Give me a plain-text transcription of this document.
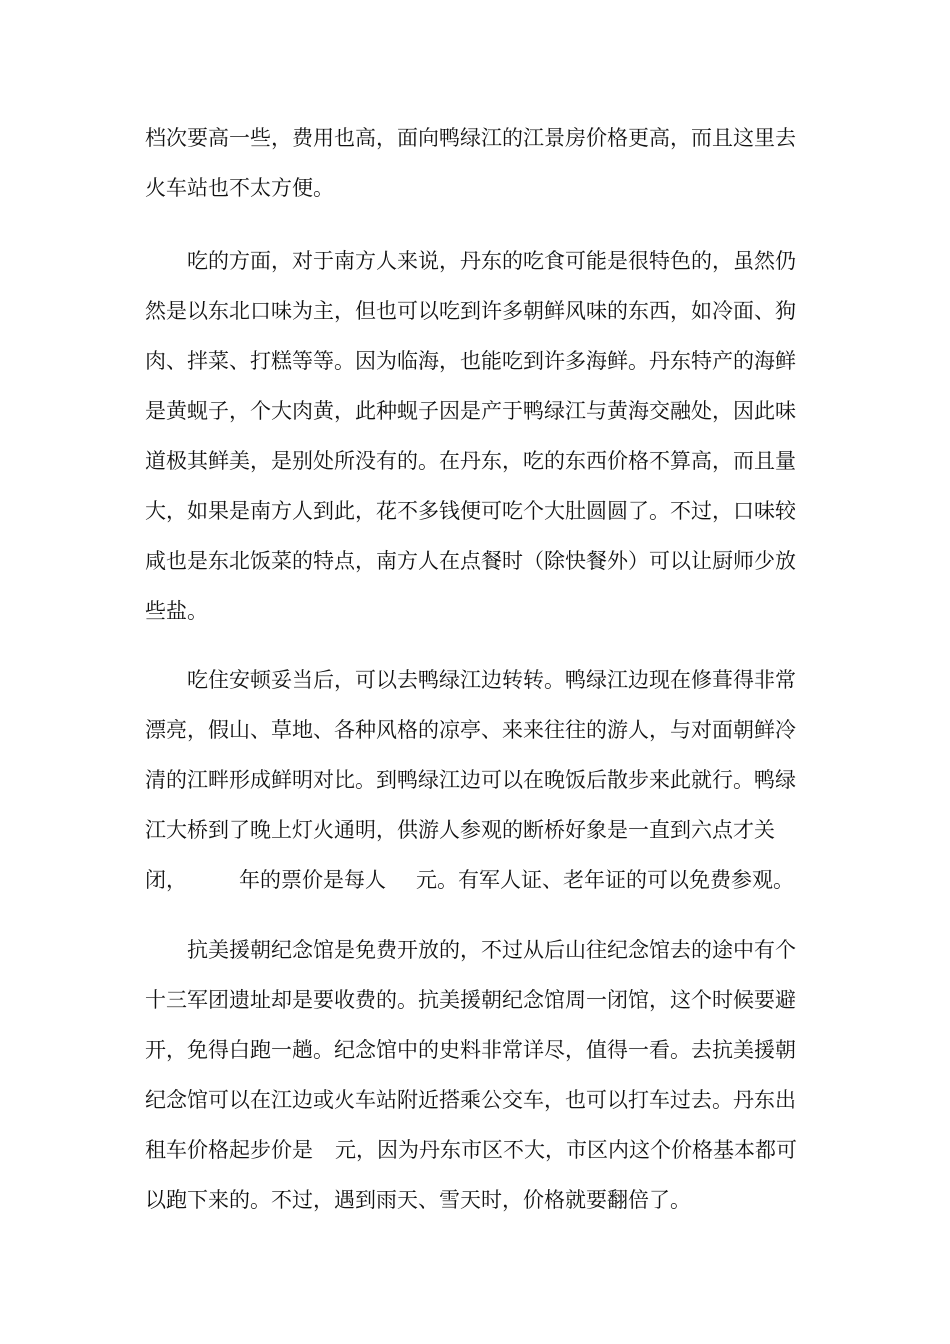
档次要高一些，费用也高，面向鸭绿江的江景房价格更高，而且这里去

火车站也不太方便。

吃的方面，对于南方人来说，丹东的吃食可能是很特色的，虽然仍

然是以东北口味为主，但也可以吃到许多朝鲜风味的东西，如冷面、狗

肉、拌菜、打糕等等。因为临海，也能吃到许多海鲜。丹东特产的海鲜

是黄蚬子，个大肉黄，此种蚬子因是产于鸭绿江与黄海交融处，因此味

道极其鲜美，是别处所没有的。在丹东，吃的东西价格不算高，而且量

大，如果是南方人到此，花不多钱便可吃个大肚圆圆了。不过，口味较

咸也是东北饭菜的特点，南方人在点餐时（除快餐外）可以让厨师少放

些盐。

吃住安顿妥当后，可以去鸭绿江边转转。鸭绿江边现在修葺得非常

漂亮，假山、草地、各种风格的凉亭、来来往往的游人，与对面朝鲜冷

清的江畔形成鲜明对比。到鸭绿江边可以在晚饭后散步来此就行。鸭绿

江大桥到了晚上灯火通明，供游人参观的断桥好象是一直到六点才关

闭， 年的票价是每人 元。有军人证、老年证的可以免费参观。

抗美援朝纪念馆是免费开放的，不过从后山往纪念馆去的途中有个

十三军团遗址却是要收费的。抗美援朝纪念馆周一闭馆，这个时候要避

开，免得白跑一趟。纪念馆中的史料非常详尽，值得一看。去抗美援朝

纪念馆可以在江边或火车站附近搭乘公交车，也可以打车过去。丹东出

租车价格起步价是 元，因为丹东市区不大，市区内这个价格基本都可

以跑下来的。不过，遇到雨天、雪天时，价格就要翻倍了。
